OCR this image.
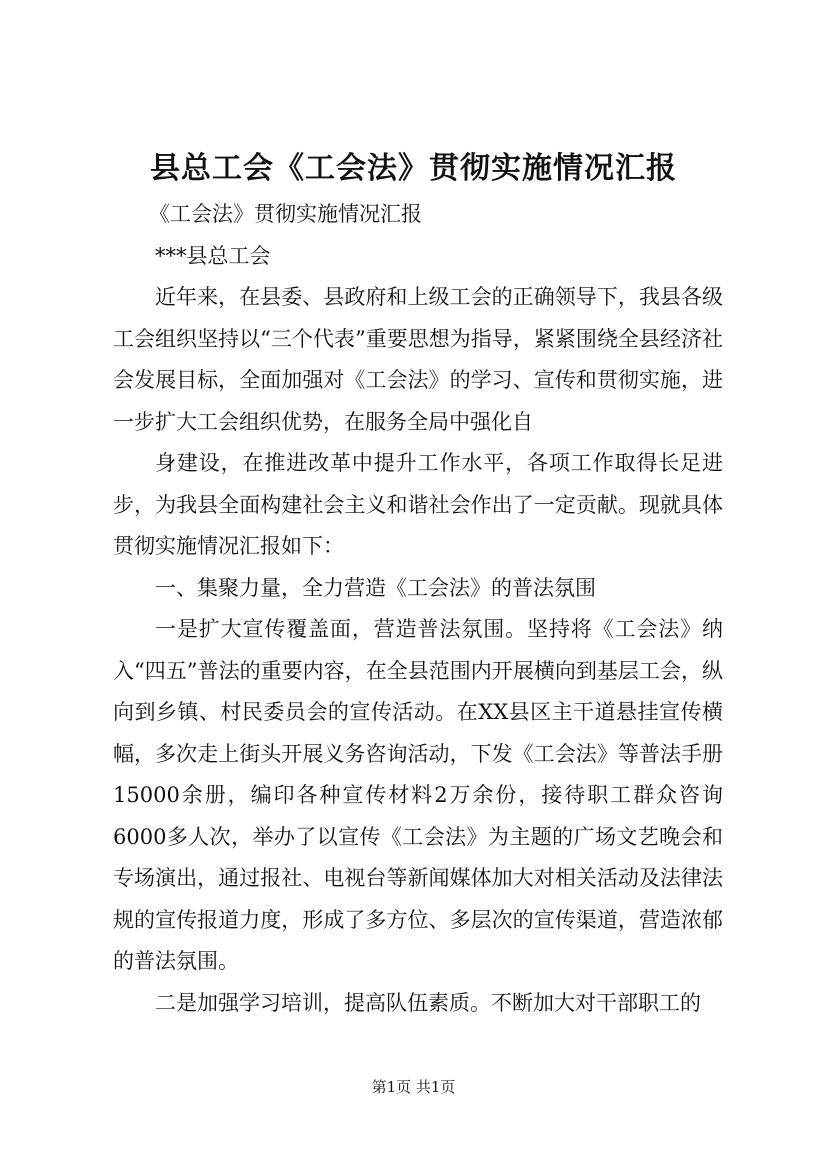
县总工会《工会法》贯彻实施情况汇报

《工会法》贯彻实施情况汇报

***县总工会

近年来，在县委、县政府和上级工会的正确领导下，我县各级工会组织坚持以“三个代表”重要思想为指导，紧紧围绕全县经济社会发展目标，全面加强对《工会法》的学习、宣传和贯彻实施，进一步扩大工会组织优势，在服务全局中强化自

身建设，在推进改革中提升工作水平，各项工作取得长足进步，为我县全面构建社会主义和谐社会作出了一定贡献。现就具体贯彻实施情况汇报如下：

一、集聚力量，全力营造《工会法》的普法氛围

一是扩大宣传覆盖面，营造普法氛围。坚持将《工会法》纳入“四五”普法的重要内容，在全县范围内开展横向到基层工会，纵向到乡镇、村民委员会的宣传活动。在XX县区主干道悬挂宣传横幅，多次走上街头开展义务咨询活动，下发《工会法》等普法手册15000余册，编印各种宣传材料2万余份，接待职工群众咨询6000多人次，举办了以宣传《工会法》为主题的广场文艺晚会和专场演出，通过报社、电视台等新闻媒体加大对相关活动及法律法规的宣传报道力度，形成了多方位、多层次的宣传渠道，营造浓郁的普法氛围。

二是加强学习培训，提高队伍素质。不断加大对干部职工的

第1页 共1页
